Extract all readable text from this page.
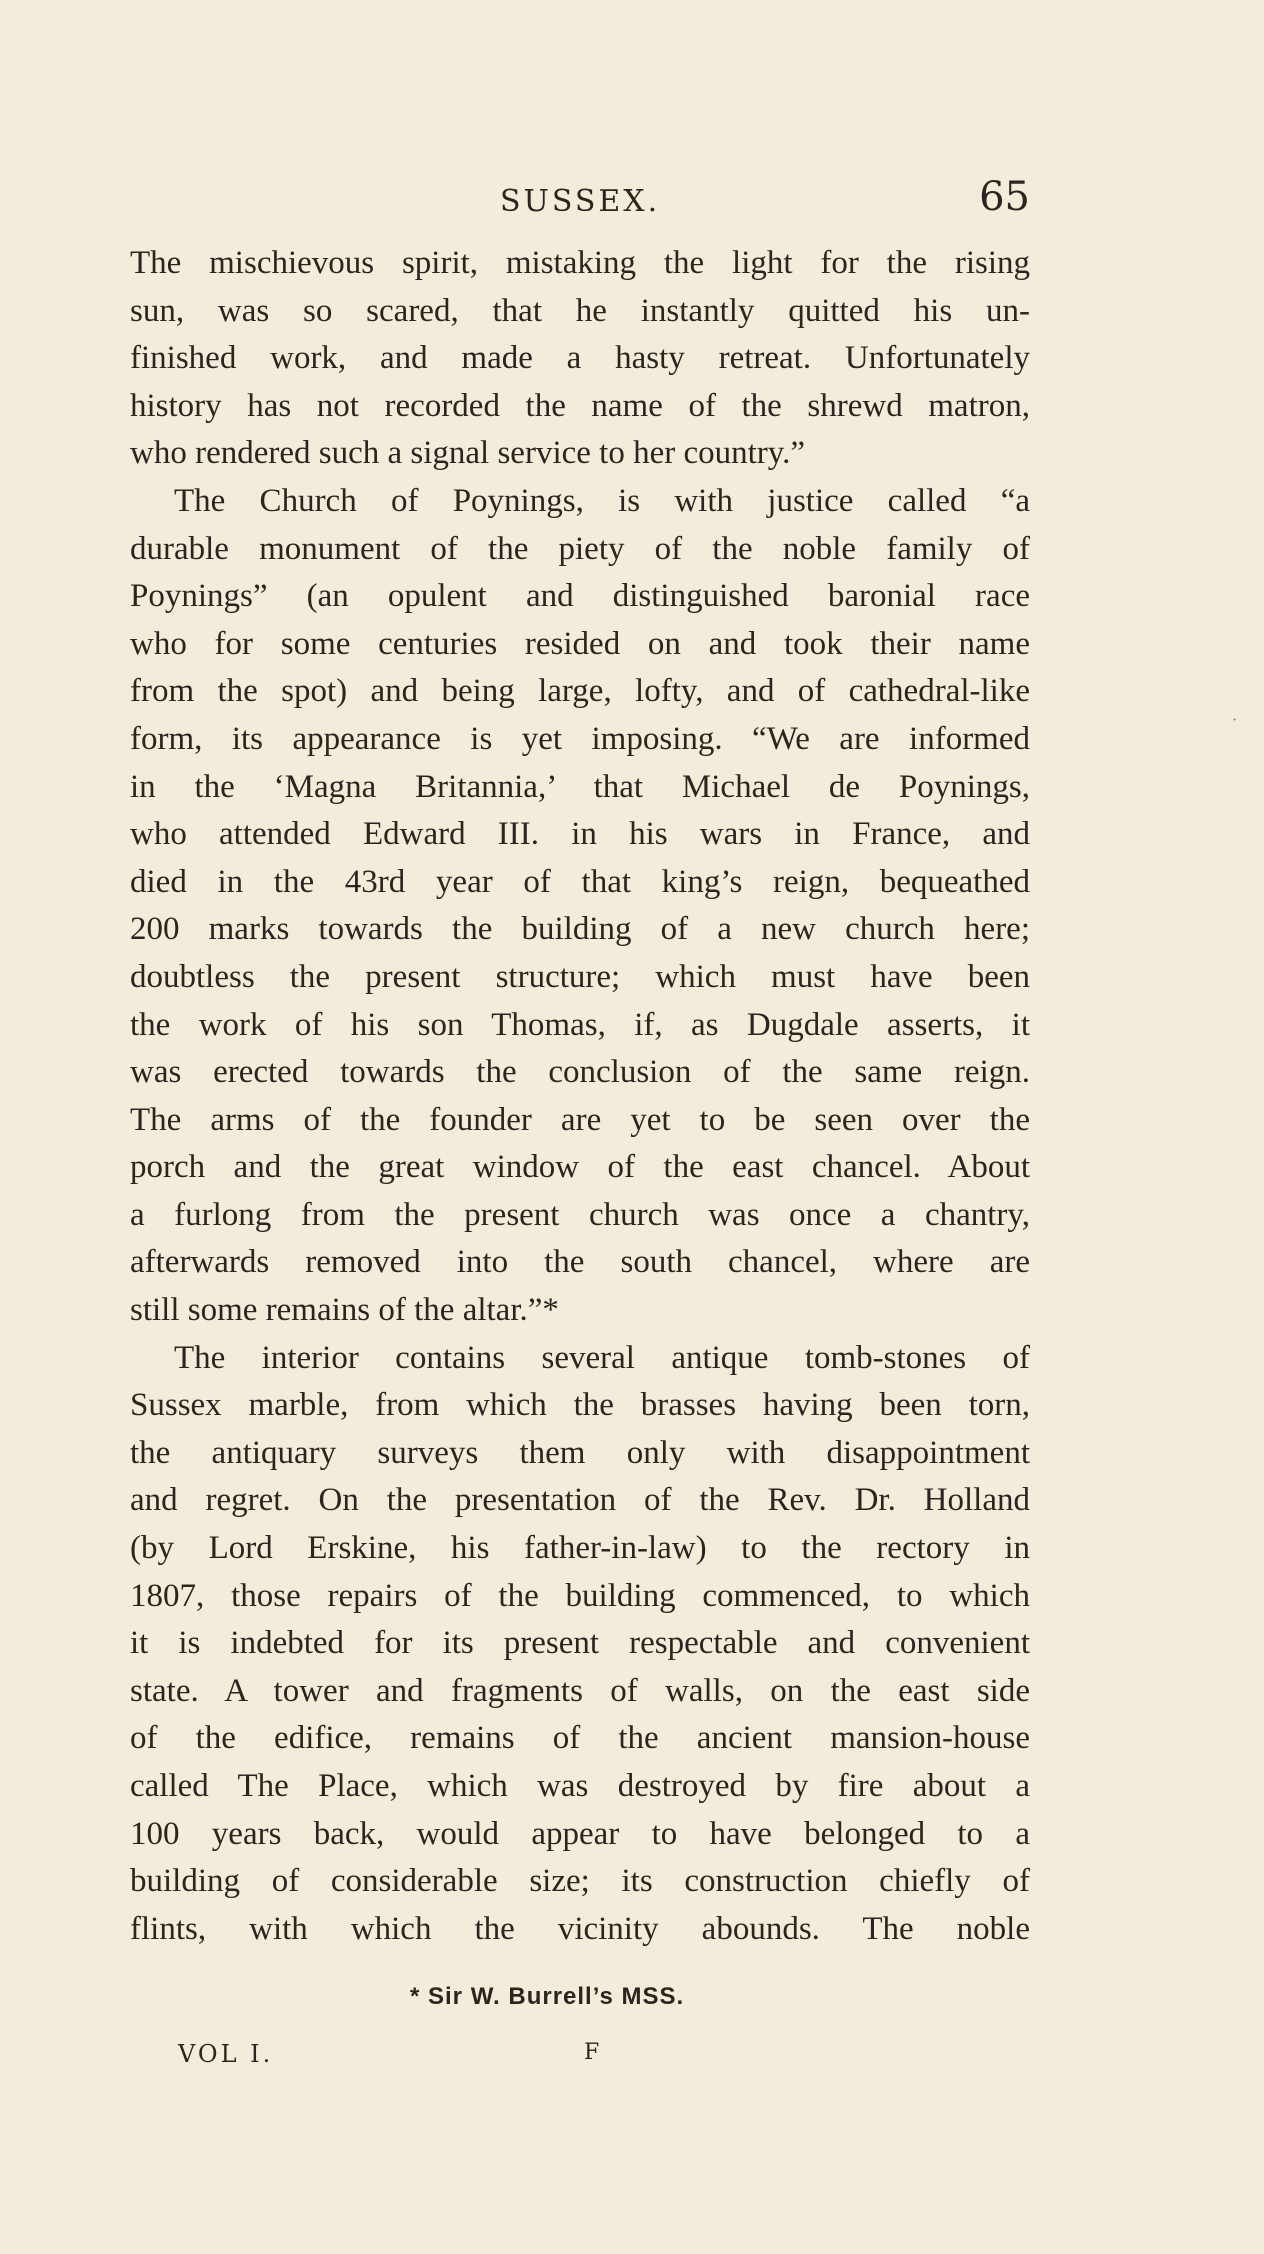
SUSSEX.	65
The mischievous spirit, mistaking the light for the rising
sun, was so scared, that he instantly quitted his un-
finished work, and made a hasty retreat. Unfortunately
history has not recorded the name of the shrewd matron,
who rendered such a signal service to her country.”
The Church of Poynings, is with justice called “a
durable monument of the piety of the noble family of
Poynings” (an opulent and distinguished baronial race
who for some centuries resided on and took their name
from the spot) and being large, lofty, and of cathedral-like
form, its appearance is yet imposing. “We are informed
in the ‘Magna Britannia,’ that Michael de Poynings,
who attended Edward III. in his wars in France, and
died in the 43rd year of that king’s reign, bequeathed
200 marks towards the building of a new church here;
doubtless the present structure; which must have been
the work of his son Thomas, if, as Dugdale asserts, it
was erected towards the conclusion of the same reign.
The arms of the founder are yet to be seen over the
porch and the great window of the east chancel. About
a furlong from the present church was once a chantry,
afterwards removed into the south chancel, where are
still some remains of the altar.”*
The interior contains several antique tomb-stones of
Sussex marble, from which the brasses having been torn,
the antiquary surveys them only with disappointment
and regret. On the presentation of the Rev. Dr. Holland
(by Lord Erskine, his father-in-law) to the rectory in
1807, those repairs of the building commenced, to which
it is indebted for its present respectable and convenient
state. A tower and fragments of walls, on the east side
of the edifice, remains of the ancient mansion-house
called The Place, which was destroyed by fire about a
100 years back, would appear to have belonged to a
building of considerable size; its construction chiefly of
flints, with which the vicinity abounds. The noble
* Sir W. Burrell’s MSS.
VOL I.	F
·
